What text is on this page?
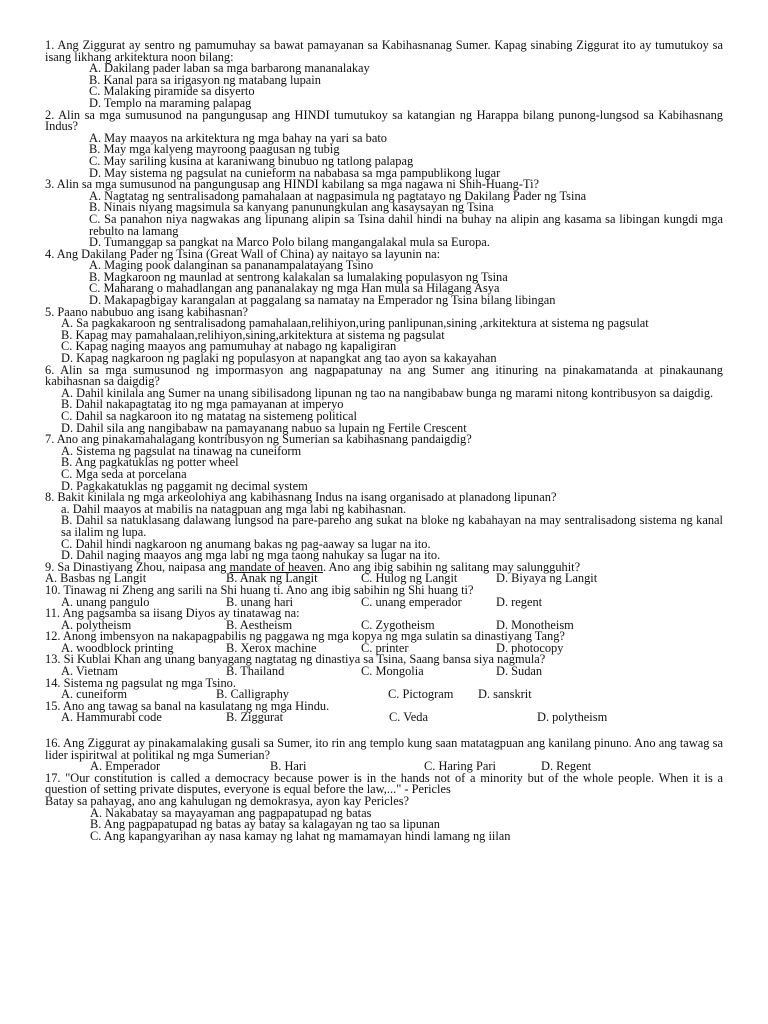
1. Ang Ziggurat ay sentro ng pamumuhay sa bawat pamayanan sa Kabihasnanag Sumer. Kapag sinabing Ziggurat ito ay tumutukoy sa isang likhang arkitektura noon bilang:

A. Dakilang pader laban sa mga barbarong mananalakay
B. Kanal para sa irigasyon ng matabang lupain
C. Malaking piramide sa disyerto
D. Templo na maraming palapag

2. Alin sa mga sumusunod na pangungusap ang HINDI tumutukoy sa katangian ng Harappa bilang punong-lungsod sa Kabihasnang Indus?

A. May maayos na arkitektura ng mga bahay na yari sa bato
B. May mga kalyeng mayroong paagusan ng tubig
C. May sariling kusina at karaniwang binubuo ng tatlong palapag
D. May sistema ng pagsulat na cunieform na nababasa sa mga pampublikong lugar

3. Alin sa mga sumusunod na pangungusap ang HINDI kabilang sa mga nagawa ni Shih-Huang-Ti?

A. Nagtatag ng sentralisadong pamahalaan at nagpasimula ng pagtatayo ng Dakilang Pader ng Tsina
B. Ninais niyang magsimula sa kanyang panunungkulan ang kasaysayan ng Tsina
C. Sa panahon niya nagwakas ang lipunang alipin sa Tsina dahil hindi na buhay na alipin ang kasama sa libingan kungdi mga rebulto na lamang
D. Tumanggap sa pangkat na Marco Polo bilang mangangalakal mula sa Europa.

4. Ang Dakilang Pader ng Tsina (Great Wall of China) ay naitayo sa layunin na:

A. Maging pook dalanginan sa pananampalatayang Tsino
B. Magkaroon ng maunlad at sentrong kalakalan sa lumalaking populasyon ng Tsina
C. Maharang o mahadlangan ang pananalakay ng mga Han mula sa Hilagang Asya
D. Makapagbigay karangalan at paggalang sa namatay na Emperador ng Tsina bilang libingan

5. Paano nabubuo ang isang kabihasnan?

A. Sa pagkakaroon ng sentralisadong pamahalaan,relihiyon,uring panlipunan,sining ,arkitektura at sistema ng pagsulat
B. Kapag may pamahalaan,relihiyon,sining,arkitektura at sistema ng pagsulat
C. Kapag naging maayos ang pamumuhay at nabago ng kapaligiran
D. Kapag nagkaroon ng paglaki ng populasyon at napangkat ang tao ayon sa kakayahan

6. Alin sa mga sumusunod ng impormasyon ang nagpapatunay na ang Sumer ang itinuring na pinakamatanda at pinakaunang kabihasnan sa daigdig?

A. Dahil kinilala ang Sumer na unang sibilisadong lipunan ng tao na nangibabaw bunga ng marami nitong kontribusyon sa daigdig.
B. Dahil nakapagtatag ito ng mga pamayanan at imperyo
C. Dahil sa nagkaroon ito ng matatag na sistemeng political
D. Dahil sila ang nangibabaw na pamayanang nabuo sa lupain ng Fertile Crescent

7. Ano ang pinakamahalagang kontribusyon ng Sumerian sa kabihasnang pandaigdig?

A. Sistema ng pagsulat na tinawag na cuneiform
B. Ang pagkatuklas ng potter wheel
C. Mga seda at porcelana
D. Pagkakatuklas ng paggamit ng decimal system

8. Bakit kinilala ng mga arkeolohiya ang kabihasnang Indus na isang organisado at planadong lipunan?

a. Dahil maayos at mabilis na natagpuan ang mga labi ng kabihasnan.
B. Dahil sa natuklasang dalawang lungsod na pare-pareho ang sukat na bloke ng kabahayan na may sentralisadong sistema ng kanal sa ilalim ng lupa.
C. Dahil hindi nagkaroon ng anumang bakas ng pag-aaway sa lugar na ito.
D. Dahil naging maayos ang mga labi ng mga taong nahukay sa lugar na ito.

9. Sa Dinastiyang Zhou, naipasa ang mandate of heaven. Ano ang ibig sabihin ng salitang may salungguhit?

A. Basbas ng Langit	B. Anak ng Langit	C. Hulog ng Langit	D. Biyaya ng Langit

10. Tinawag ni Zheng ang sarili na Shi huang ti. Ano ang ibig sabihin ng Shi huang ti?

A. unang pangulo	B. unang hari	C. unang emperador	D. regent

11. Ang pagsamba sa iisang Diyos ay tinatawag na:

A. polytheism	B. Aestheism	C. Zygotheism	D. Monotheism

12. Anong imbensyon na nakapagpabilis ng paggawa ng mga kopya ng mga sulatin sa dinastiyang Tang?

A. woodblock printing	B. Xerox machine	C. printer	D. photocopy

13. Si Kublai Khan ang unang banyagang nagtatag ng dinastiya sa Tsina, Saang bansa siya nagmula?

A. Vietnam	B. Thailand	C. Mongolia	D. Sudan

14. Sistema ng pagsulat ng mga Tsino.

A. cuneiform	B. Calligraphy	C. Pictogram	D. sanskrit

15. Ano ang tawag sa banal na kasulatang ng mga Hindu.

A. Hammurabi code	B. Ziggurat	C. Veda	D. polytheism

16. Ang Ziggurat ay pinakamalaking gusali sa Sumer, ito rin ang templo kung saan matatagpuan ang kanilang pinuno. Ano ang tawag sa lider ispiritwal at politikal ng mga Sumerian?

A. Emperador	B. Hari	C. Haring Pari	D. Regent

17. "Our constitution is called a democracy because power is in the hands not of a minority but of the whole people. When it is a question of setting private disputes, everyone is equal before the law,..." - Pericles

Batay sa pahayag, ano ang kahulugan ng demokrasya, ayon kay Pericles?

A. Nakabatay sa mayayaman ang pagpapatupad ng batas
B. Ang pagpapatupad ng batas ay batay sa kalagayan ng tao sa lipunan
C. Ang kapangyarihan ay nasa kamay ng lahat ng mamamayan hindi lamang ng iilan
